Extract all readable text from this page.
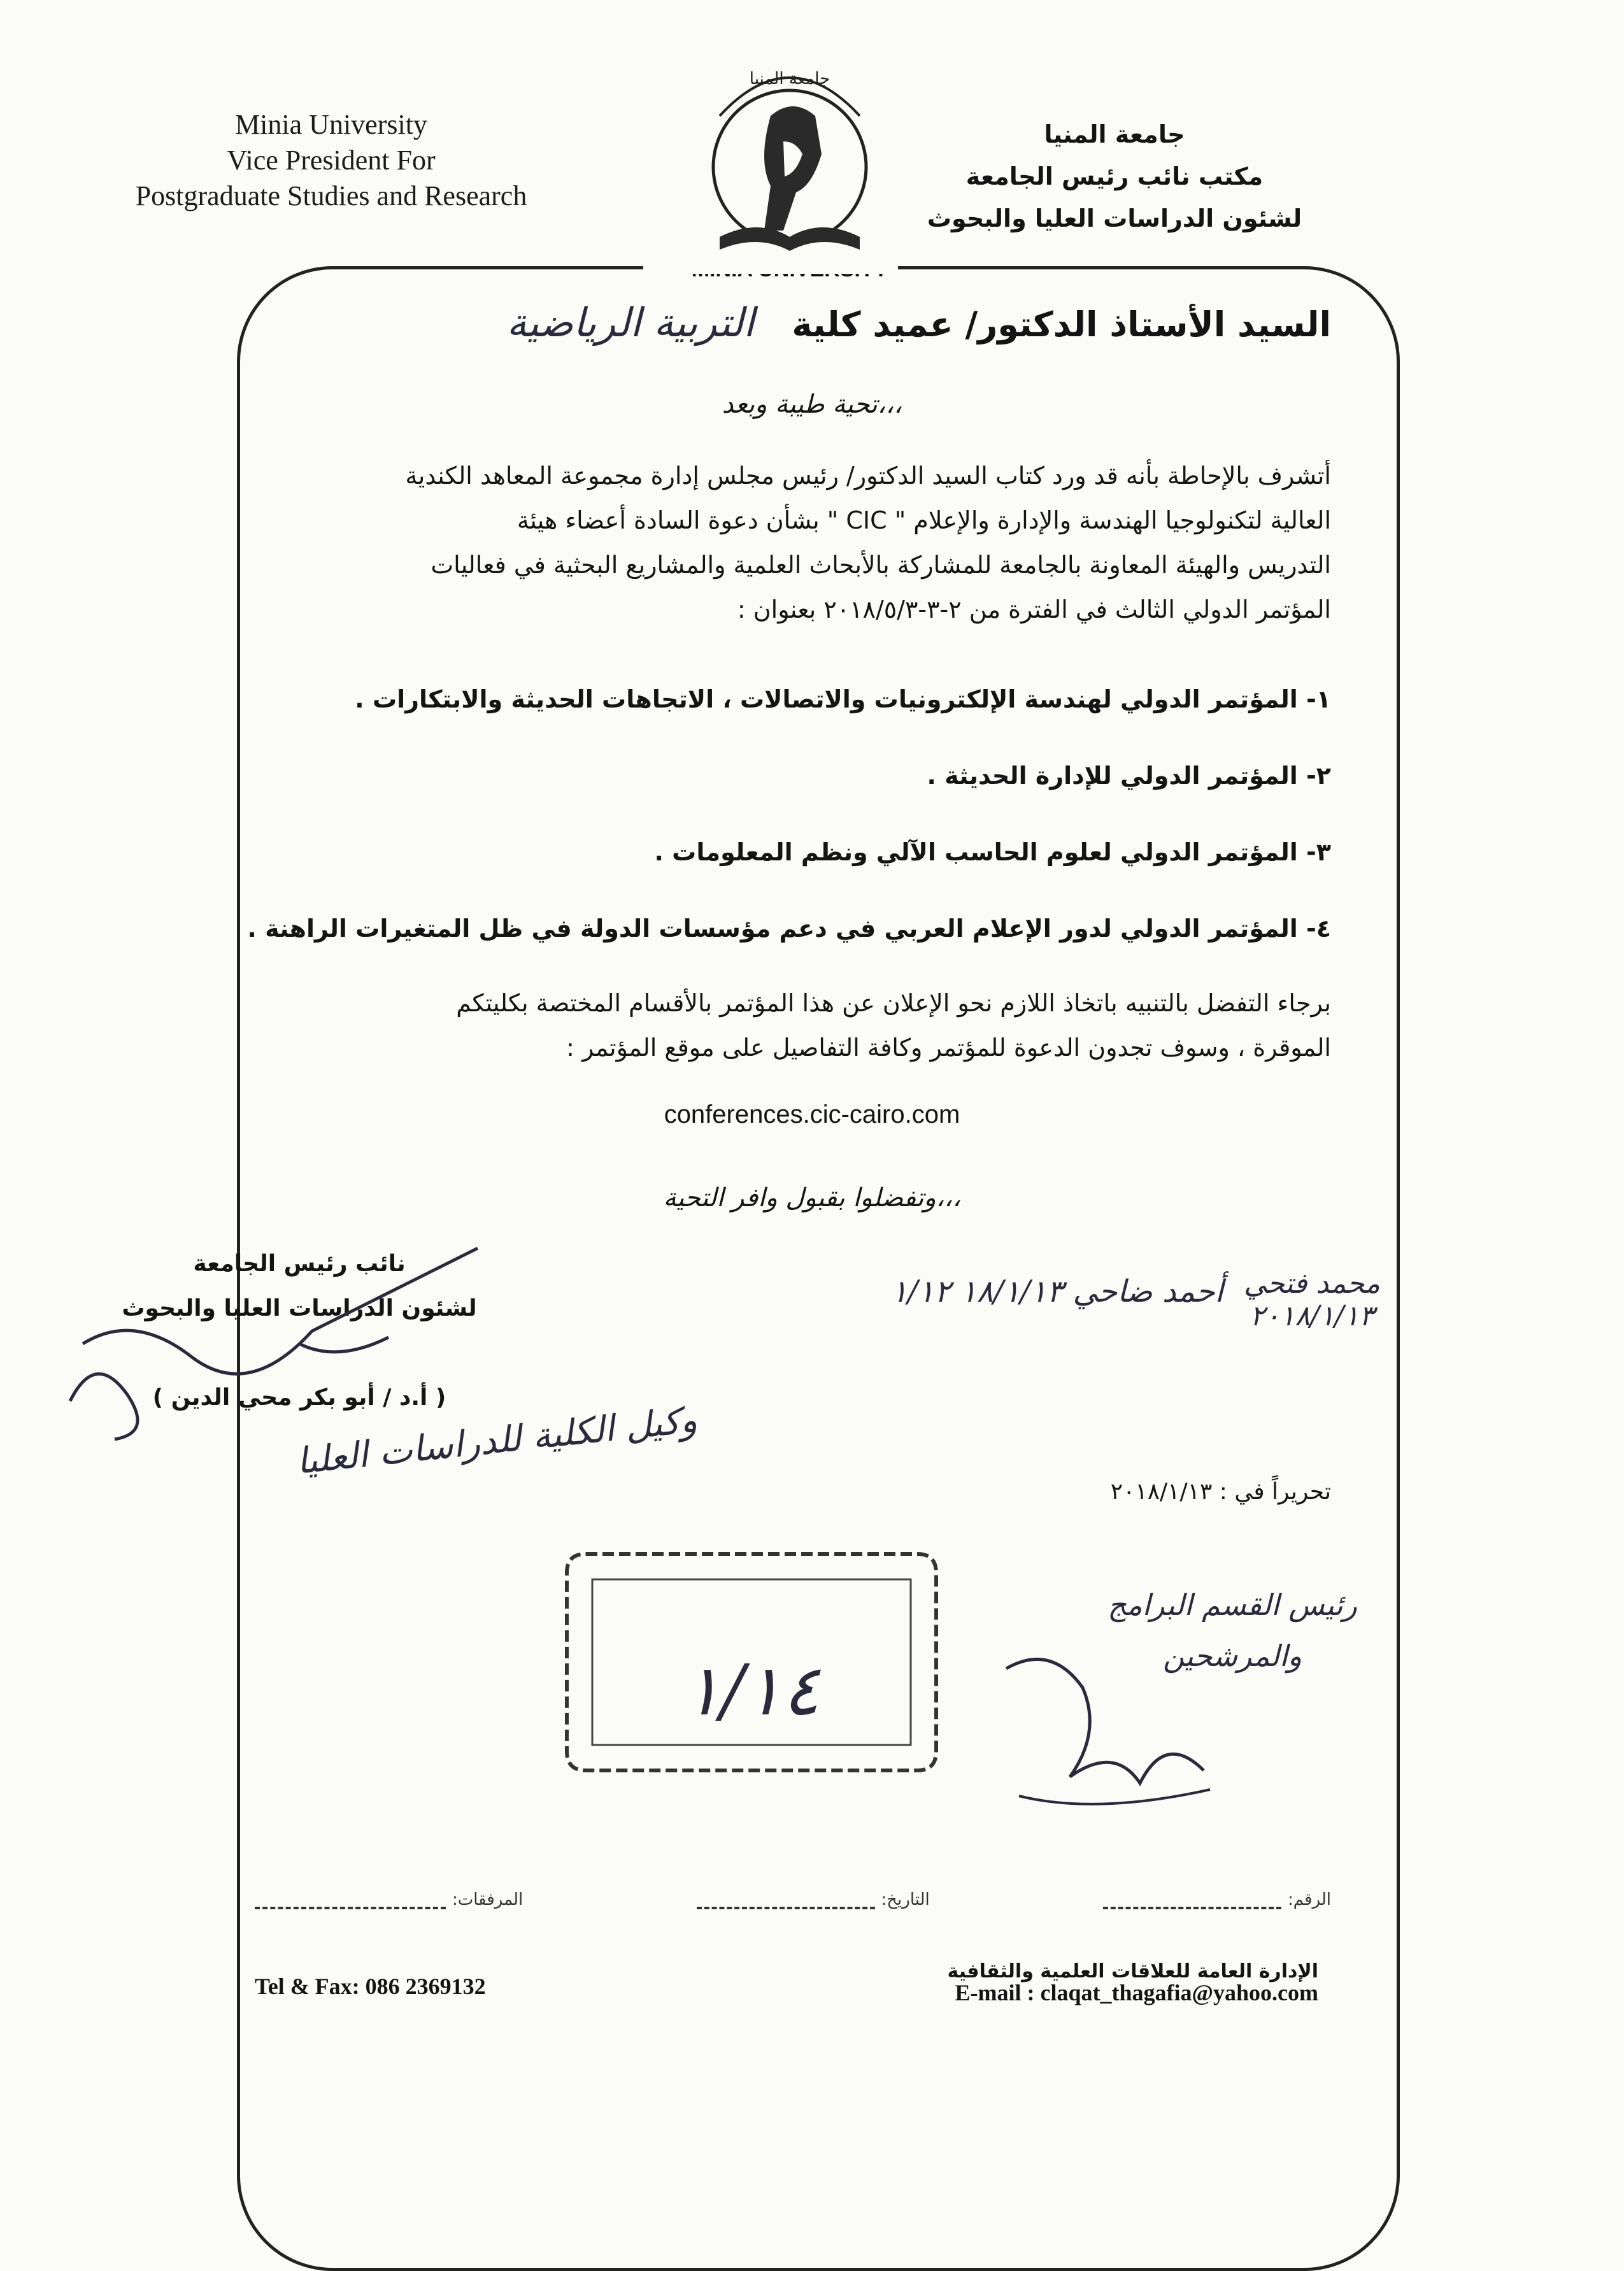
Minia University
Vice President For
Postgraduate Studies and Research
جامعة المنيا
جامعة المنيا
مكتب نائب رئيس الجامعة
لشئون الدراسات العليا والبحوث
السيد الأستاذ الدكتور/ عميد كلية التربية الرياضية
تحية طيبة وبعد،،،
أتشرف بالإحاطة بأنه قد ورد كتاب السيد الدكتور/ رئيس مجلس إدارة مجموعة المعاهد الكندية
العالية لتكنولوجيا الهندسة والإدارة والإعلام " CIC " بشأن دعوة السادة أعضاء هيئة
التدريس والهيئة المعاونة بالجامعة للمشاركة بالأبحاث العلمية والمشاريع البحثية في فعاليات
المؤتمر الدولي الثالث في الفترة من ٢-٣-٢٠١٨/٥/٣ بعنوان :
١- المؤتمر الدولي لهندسة الإلكترونيات والاتصالات ، الاتجاهات الحديثة والابتكارات .
٢- المؤتمر الدولي للإدارة الحديثة .
٣- المؤتمر الدولي لعلوم الحاسب الآلي ونظم المعلومات .
٤- المؤتمر الدولي لدور الإعلام العربي في دعم مؤسسات الدولة في ظل المتغيرات الراهنة .
برجاء التفضل بالتنبيه باتخاذ اللازم نحو الإعلان عن هذا المؤتمر بالأقسام المختصة بكليتكم
الموقرة ، وسوف تجدون الدعوة للمؤتمر وكافة التفاصيل على موقع المؤتمر :
conferences.cic-cairo.com
وتفضلوا بقبول وافر التحية،،،
نائب رئيس الجامعة
لشئون الدراسات العليا والبحوث
( أ.د / أبو بكر محي الدين )
محمد فتحي ٢٠١٨/١/١٣
أحمد ضاحي ١٨/١/١٣ ١/١٢
وكيل الكلية للدراسات العليا
رئيس القسم البرامج والمرشحين
١/١٤
تحريراً في : ٢٠١٨/١/١٣
الرقم:
التاريخ:
المرفقات:
الإدارة العامة للعلاقات العلمية والثقافية
E-mail : claqat_thagafia@yahoo.com
Tel & Fax: 086 2369132
